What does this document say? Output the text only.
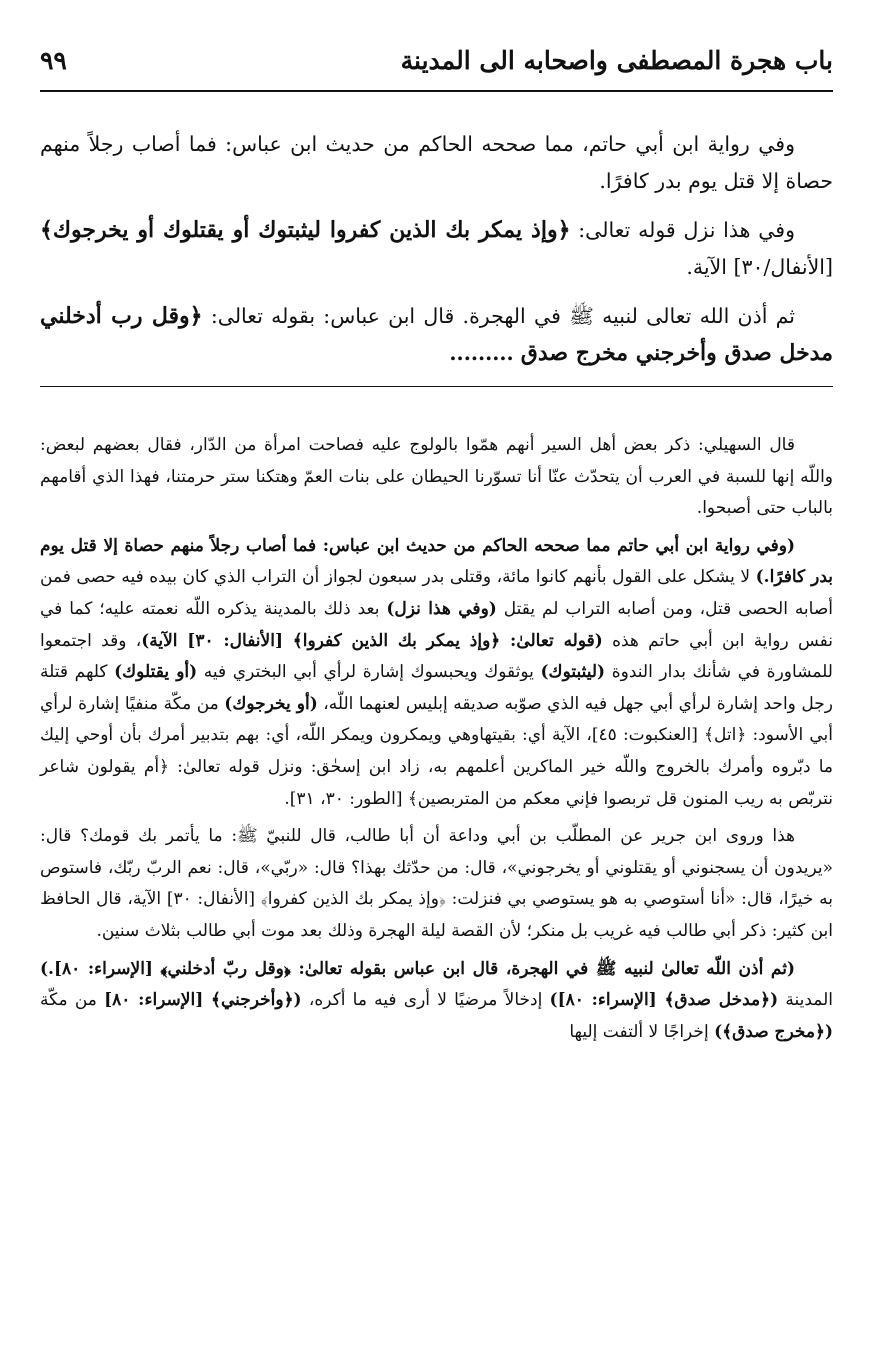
باب هجرة المصطفى واصحابه الى المدينة
٩٩

وفي رواية ابن أبي حاتم، مما صححه الحاكم من حديث ابن عباس: فما أصاب رجلاً منهم حصاة إلا قتل يوم بدر كافرًا.

وفي هذا نزل قوله تعالى: ﴿وإذ يمكر بك الذين كفروا ليثبتوك أو يقتلوك أو يخرجوك﴾ [الأنفال/٣٠] الآية.

ثم أذن الله تعالى لنبيه ﷺ في الهجرة. قال ابن عباس: بقوله تعالى: ﴿وقل رب أدخلني مدخل صدق وأخرجني مخرج صدق .........

قال السهيلي: ذكر بعض أهل السير أنهم همّوا بالولوج عليه فصاحت امرأة من الدّار، فقال بعضهم لبعض: واللّه إنها للسبة في العرب أن يتحدّث عنّا أنا تسوّرنا الحيطان على بنات العمّ وهتكنا ستر حرمتنا، فهذا الذي أقامهم بالباب حتى أصبحوا.

(وفي رواية ابن أبي حاتم مما صححه الحاكم من حديث ابن عباس: فما أصاب رجلاً منهم حصاة إلا قتل يوم بدر كافرًا.) لا يشكل على القول بأنهم كانوا مائة، وقتلى بدر سبعون لجواز أن التراب الذي كان بيده فيه حصى فمن أصابه الحصى قتل، ومن أصابه التراب لم يقتل (وفي هذا نزل) بعد ذلك بالمدينة يذكره اللّه نعمته عليه؛ كما في نفس رواية ابن أبي حاتم هذه (قوله تعالىٰ: ﴿وإذ يمكر بك الذين كفروا﴾ [الأنفال: ٣٠] الآية)، وقد اجتمعوا للمشاورة في شأنك بدار الندوة (ليثبتوك) يوثقوك ويحبسوك إشارة لرأي أبي البختري فيه (أو يقتلوك) كلهم قتلة رجل واحد إشارة لرأي أبي جهل فيه الذي صوّبه صديقه إبليس لعنهما اللّه، (أو يخرجوك) من مكّة منفيًا إشارة لرأي أبي الأسود: ﴿اتل﴾ [العنكبوت: ٤٥]، الآية أي: بقيتهاوهي ويمكرون ويمكر اللّه، أي: بهم بتدبير أمرك بأن أوحي إليك ما دبّروه وأمرك بالخروج واللّه خير الماكرين أعلمهم به، زاد ابن إسحٰق: ونزل قوله تعالىٰ: ﴿أم يقولون شاعر نتربّص به ريب المنون قل تربصوا فإني معكم من المتربصين﴾ [الطور: ٣٠، ٣١].

هذا وروى ابن جرير عن المطلّب بن أبي وداعة أن أبا طالب، قال للنبيّ ﷺ: ما يأتمر بك قومك؟ قال: «يريدون أن يسجنوني أو يقتلوني أو يخرجوني»، قال: من حدّثك بهذا؟ قال: «ربّي»، قال: نعم الربّ ربّك، فاستوص به خيرًا، قال: «أنا أستوصي به هو يستوصي بي فنزلت: ﴿وإذ يمكر بك الذين كفروا﴾ [الأنفال: ٣٠] الآية، قال الحافظ ابن كثير: ذكر أبي طالب فيه غريب بل منكر؛ لأن القصة ليلة الهجرة وذلك بعد موت أبي طالب بثلاث سنين.

(ثم أذن اللّه تعالىٰ لنبيه ﷺ في الهجرة، قال ابن عباس بقوله تعالىٰ: ﴿وقل ربّ أدخلني﴾ [الإسراء: ٨٠].) المدينة (﴿مدخل صدق﴾ [الإسراء: ٨٠]) إدخالاً مرضيًا لا أرى فيه ما أكره، (﴿وأخرجني﴾ [الإسراء: ٨٠] من مكّة (﴿مخرج صدق﴾) إخراجًا لا ألتفت إليها
